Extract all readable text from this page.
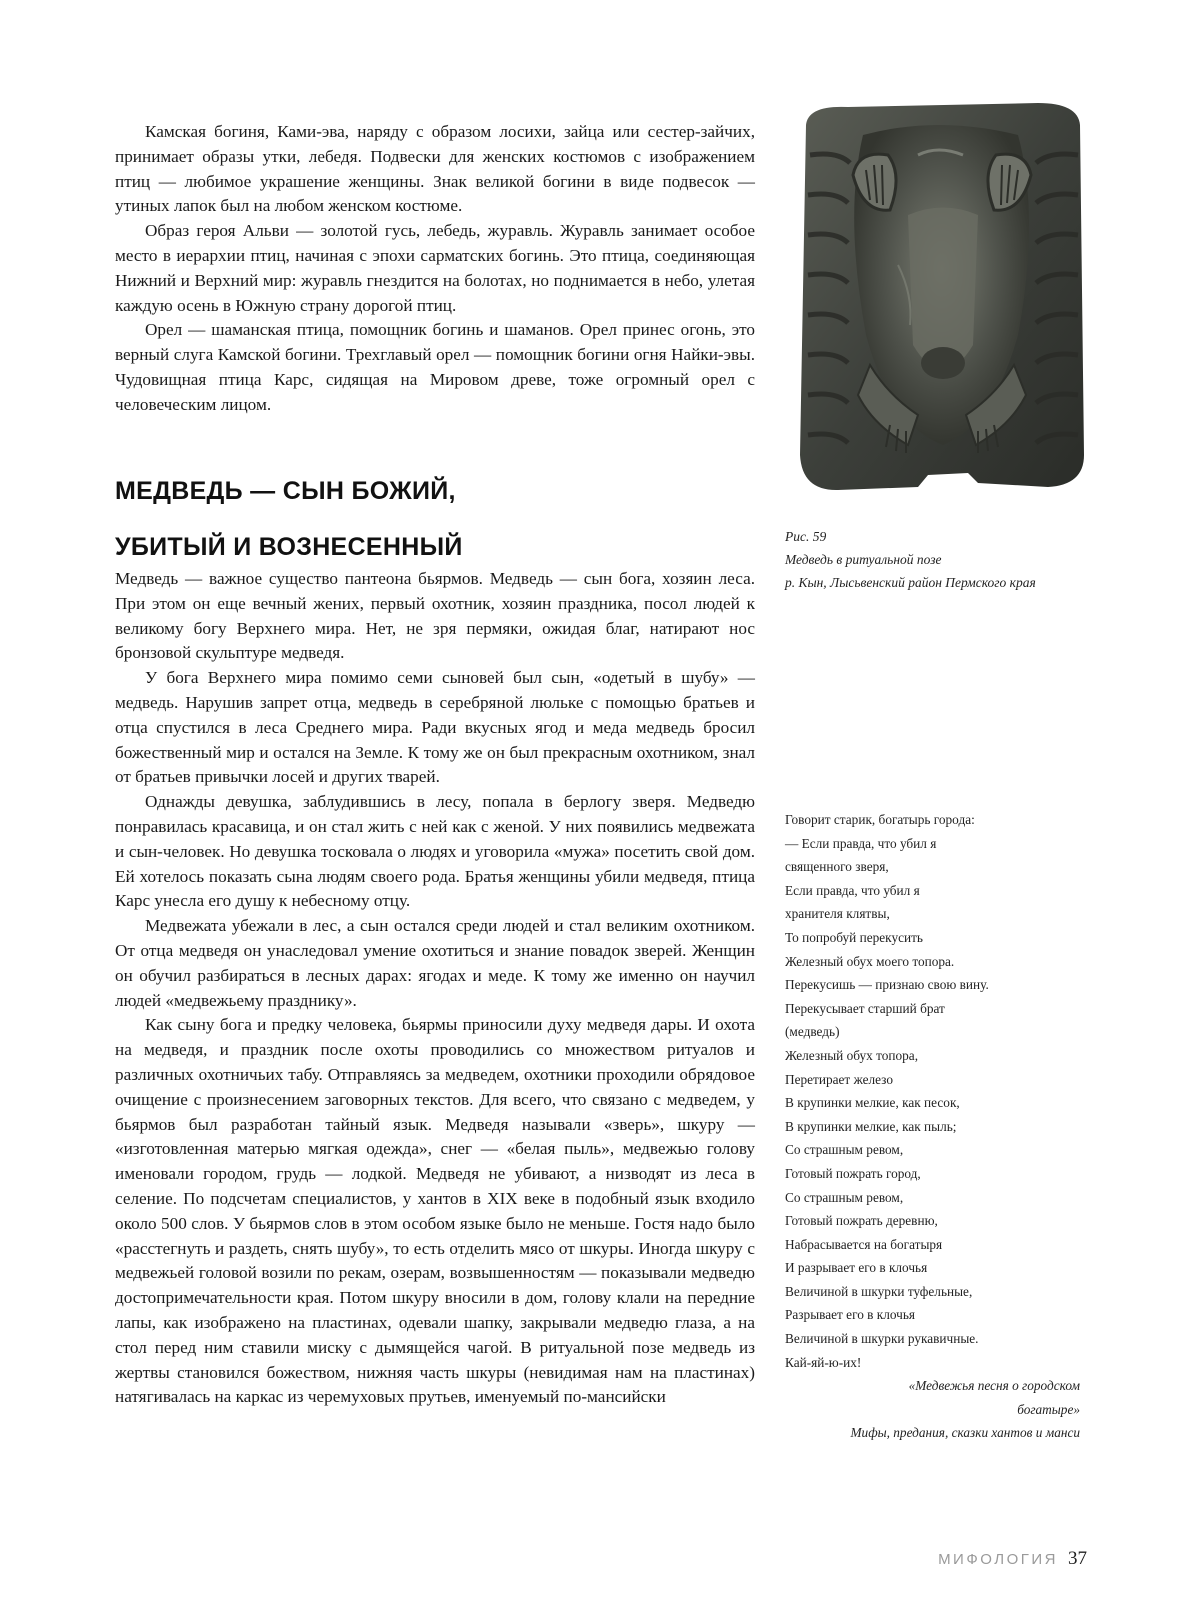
Камская богиня, Ками-эва, наряду с образом лосихи, зайца или сестер-зайчих, принимает образы утки, лебедя. Подвески для женских костюмов с изображением птиц — любимое украшение женщины. Знак великой богини в виде подвесок — утиных лапок был на любом женском костюме.

Образ героя Альви — золотой гусь, лебедь, журавль. Журавль занимает особое место в иерархии птиц, начиная с эпохи сарматских богинь. Это птица, соединяющая Нижний и Верхний мир: журавль гнездится на болотах, но поднимается в небо, улетая каждую осень в Южную страну дорогой птиц.

Орел — шаманская птица, помощник богинь и шаманов. Орел принес огонь, это верный слуга Камской богини. Трехглавый орел — помощник богини огня Найки-эвы. Чудовищная птица Карс, сидящая на Мировом древе, тоже огромный орел с человеческим лицом.

МЕДВЕДЬ — СЫН БОЖИЙ,
УБИТЫЙ И ВОЗНЕСЕННЫЙ

Медведь — важное существо пантеона бьярмов. Медведь — сын бога, хозяин леса. При этом он еще вечный жених, первый охотник, хозяин праздника, посол людей к великому богу Верхнего мира. Нет, не зря пермяки, ожидая благ, натирают нос бронзовой скульптуре медведя.

У бога Верхнего мира помимо семи сыновей был сын, «одетый в шубу» — медведь. Нарушив запрет отца, медведь в серебряной люльке с помощью братьев и отца спустился в леса Среднего мира. Ради вкусных ягод и меда медведь бросил божественный мир и остался на Земле. К тому же он был прекрасным охотником, знал от братьев привычки лосей и других тварей.

Однажды девушка, заблудившись в лесу, попала в берлогу зверя. Медведю понравилась красавица, и он стал жить с ней как с женой. У них появились медвежата и сын-человек. Но девушка тосковала о людях и уговорила «мужа» посетить свой дом. Ей хотелось показать сына людям своего рода. Братья женщины убили медведя, птица Карс унесла его душу к небесному отцу.

Медвежата убежали в лес, а сын остался среди людей и стал великим охотником. От отца медведя он унаследовал умение охотиться и знание повадок зверей. Женщин он обучил разбираться в лесных дарах: ягодах и меде. К тому же именно он научил людей «медвежьему празднику».

Как сыну бога и предку человека, бьярмы приносили духу медведя дары. И охота на медведя, и праздник после охоты проводились со множеством ритуалов и различных охотничьих табу. Отправляясь за медведем, охотники проходили обрядовое очищение с произнесением заговорных текстов. Для всего, что связано с медведем, у бьярмов был разработан тайный язык. Медведя называли «зверь», шкуру — «изготовленная матерью мягкая одежда», снег — «белая пыль», медвежью голову именовали городом, грудь — лодкой. Медведя не убивают, а низводят из леса в селение. По подсчетам специалистов, у хантов в XIX веке в подобный язык входило около 500 слов. У бьярмов слов в этом особом языке было не меньше. Гостя надо было «расстегнуть и раздеть, снять шубу», то есть отделить мясо от шкуры. Иногда шкуру с медвежьей головой возили по рекам, озерам, возвышенностям — показывали медведю достопримечательности края. Потом шкуру вносили в дом, голову клали на передние лапы, как изображено на пластинах, одевали шапку, закрывали медведю глаза, а на стол перед ним ставили миску с дымящейся чагой. В ритуальной позе медведь из жертвы становился божеством, нижняя часть шкуры (невидимая нам на пластинах) натягивалась на каркас из черемуховых прутьев, именуемый по-мансийски

Рис. 59
Медведь в ритуальной позе
р. Кын, Лысьвенский район Пермского края
Говорит старик, богатырь города:
— Если правда, что убил я
священного зверя,
Если правда, что убил я
хранителя клятвы,
То попробуй перекусить
Железный обух моего топора.
Перекусишь — признаю свою вину.
Перекусывает старший брат
(медведь)
Железный обух топора,
Перетирает железо
В крупинки мелкие, как песок,
В крупинки мелкие, как пыль;
Со страшным ревом,
Готовый пожрать город,
Со страшным ревом,
Готовый пожрать деревню,
Набрасывается на богатыря
И разрывает его в клочья
Величиной в шкурки туфельные,
Разрывает его в клочья
Величиной в шкурки рукавичные.
Кай-яй-ю-их!
«Медвежья песня о городском
богатыре»
Мифы, предания, сказки хантов и манси
МИФОЛОГИЯ 37
